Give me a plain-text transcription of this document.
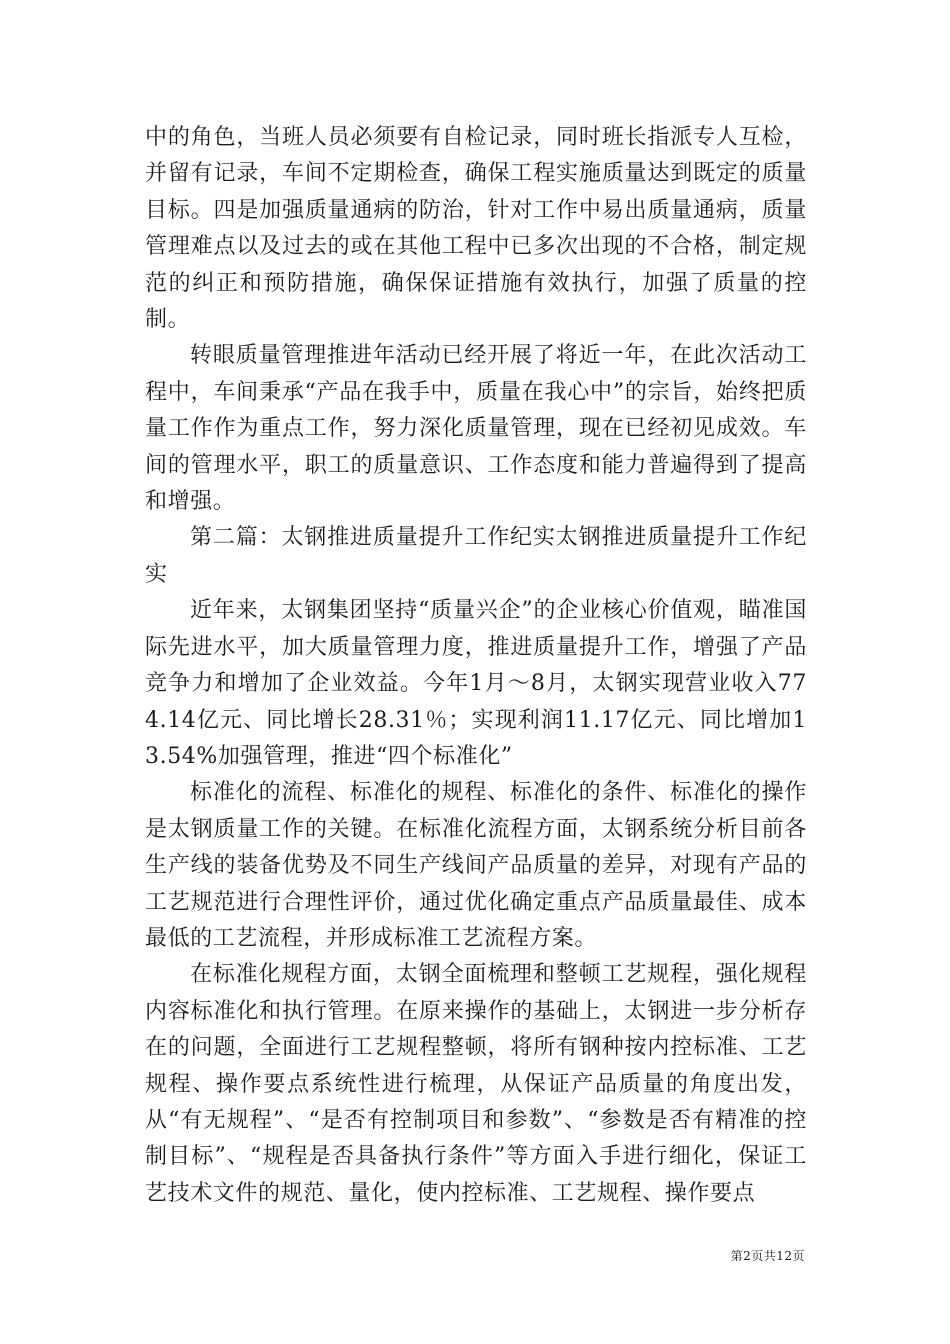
中的角色，当班人员必须要有自检记录，同时班长指派专人互检，并留有记录，车间不定期检查，确保工程实施质量达到既定的质量目标。四是加强质量通病的防治，针对工作中易出质量通病，质量管理难点以及过去的或在其他工程中已多次出现的不合格，制定规范的纠正和预防措施，确保保证措施有效执行，加强了质量的控制。

转眼质量管理推进年活动已经开展了将近一年，在此次活动工程中，车间秉承“产品在我手中，质量在我心中”的宗旨，始终把质量工作作为重点工作，努力深化质量管理，现在已经初见成效。车间的管理水平，职工的质量意识、工作态度和能力普遍得到了提高和增强。

第二篇：太钢推进质量提升工作纪实太钢推进质量提升工作纪实

近年来，太钢集团坚持“质量兴企”的企业核心价值观，瞄准国际先进水平，加大质量管理力度，推进质量提升工作，增强了产品竞争力和增加了企业效益。今年1月～8月，太钢实现营业收入774.14亿元、同比增长28.31％；实现利润11.17亿元、同比增加13.54%加强管理，推进“四个标准化”

标准化的流程、标准化的规程、标准化的条件、标准化的操作是太钢质量工作的关键。在标准化流程方面，太钢系统分析目前各生产线的装备优势及不同生产线间产品质量的差异，对现有产品的工艺规范进行合理性评价，通过优化确定重点产品质量最佳、成本最低的工艺流程，并形成标准工艺流程方案。

在标准化规程方面，太钢全面梳理和整顿工艺规程，强化规程内容标准化和执行管理。在原来操作的基础上，太钢进一步分析存在的问题，全面进行工艺规程整顿，将所有钢种按内控标准、工艺规程、操作要点系统性进行梳理，从保证产品质量的角度出发，从“有无规程”、“是否有控制项目和参数”、“参数是否有精准的控制目标”、“规程是否具备执行条件”等方面入手进行细化，保证工艺技术文件的规范、量化，使内控标准、工艺规程、操作要点

第2页共12页
